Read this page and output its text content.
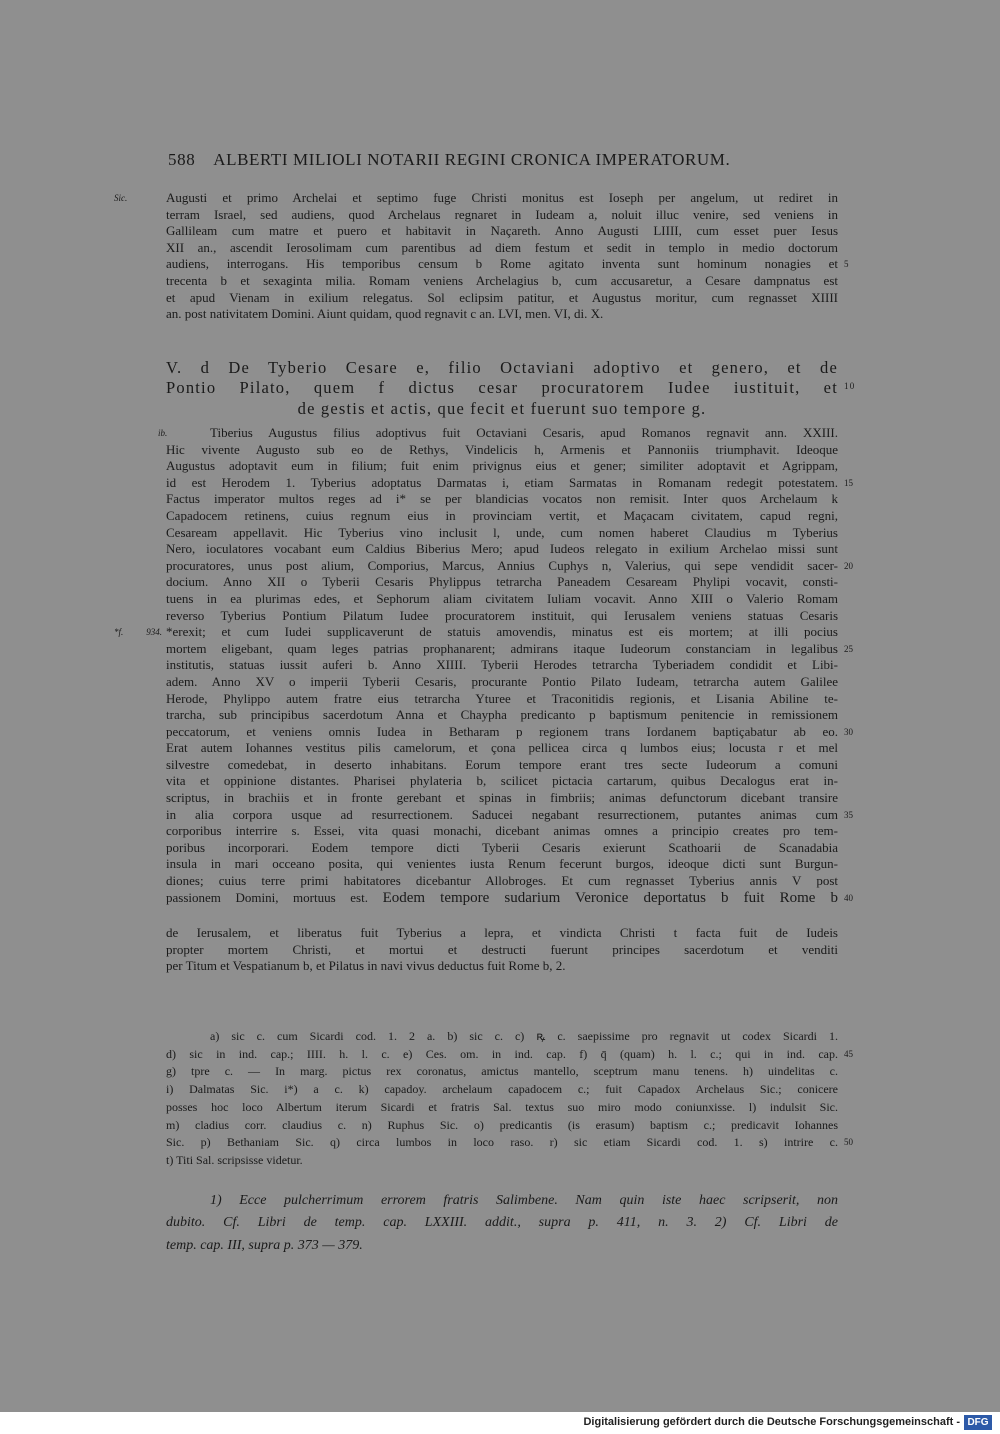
588 ALBERTI MILIOLI NOTARII REGINI CRONICA IMPERATORUM.
Augusti et primo Archelai et septimo fuge Christi monitus est Ioseph per angelum, ut rediret in
Sic.
terram Israel, sed audiens, quod Archelaus regnaret in Iudeam a, noluit illuc venire, sed veniens in
Gallileam cum matre et puero et habitavit in Naçareth. Anno Augusti LIIII, cum esset puer Iesus
XII an., ascendit Ierosolimam cum parentibus ad diem festum et sedit in templo in medio doctorum
audiens, interrogans. His temporibus censum b Rome agitato inventa sunt hominum nonagies et 5
trecenta b et sexaginta milia. Romam veniens Archelagius b, cum accusaretur, a Cesare dampnatus est
et apud Vienam in exilium relegatus. Sol eclipsim patitur, et Augustus moritur, cum regnasset XIIII
an. post nativitatem Domini. Aiunt quidam, quod regnavit c an. LVI, men. VI, di. X.
V. d De Tyberio Cesare e, filio Octaviani adoptivo et genero, et de
Pontio Pilato, quem f dictus cesar procuratorem Iudee iustituit, et 10
de gestis et actis, que fecit et fuerunt suo tempore g.
Tiberius Augustus filius adoptivus fuit Octaviani Cesaris, apud Romanos regnavit ann. XXIII.
ib.
Hic vivente Augusto sub eo de Rethys, Vindelicis h, Armenis et Pannoniis triumphavit. Ideoque
Augustus adoptavit eum in filium; fuit enim privignus eius et gener; similiter adoptavit et Agrippam,
id est Herodem 1. Tyberius adoptatus Darmatas i, etiam Sarmatas in Romanam redegit potestatem. 15
Factus imperator multos reges ad i* se per blandicias vocatos non remisit. Inter quos Archelaum k
Capadocem retinens, cuius regnum eius in provinciam vertit, et Maçacam civitatem, capud regni,
Cesaream appellavit. Hic Tyberius vino inclusit l, unde, cum nomen haberet Claudius m Tyberius
Nero, ioculatores vocabant eum Caldius Biberius Mero; apud Iudeos relegato in exilium Archelao missi sunt
procuratores, unus post alium, Comporius, Marcus, Annius Cuphys n, Valerius, qui sepe vendidit sacer- 20
docium. Anno XII o Tyberii Cesaris Phylippus tetrarcha Paneadem Cesaream Phylipi vocavit, consti-
tuens in ea plurimas edes, et Sephorum aliam civitatem Iuliam vocavit. Anno XIII o Valerio Romam
reverso Tyberius Pontium Pilatum Iudee procuratorem instituit, qui Ierusalem veniens statuas Cesaris
*erexit; et cum Iudei supplicaverunt de statuis amovendis, minatus est eis mortem; at illi pocius
*f. 934.
mortem eligebant, quam leges patrias prophanarent; admirans itaque Iudeorum constanciam in legalibus 25
institutis, statuas iussit auferi b. Anno XIIII. Tyberii Herodes tetrarcha Tyberiadem condidit et Libi-
adem. Anno XV o imperii Tyberii Cesaris, procurante Pontio Pilato Iudeam, tetrarcha autem Galilee
Herode, Phylippo autem fratre eius tetrarcha Yturee et Traconitidis regionis, et Lisania Abiline te-
trarcha, sub principibus sacerdotum Anna et Chaypha predicanto p baptismum penitencie in remissionem
peccatorum, et veniens omnis Iudea in Betharam p regionem trans Iordanem baptiçabatur ab eo. 30
Erat autem Iohannes vestitus pilis camelorum, et çona pellicea circa q lumbos eius; locusta r et mel
silvestre comedebat, in deserto inhabitans. Eorum tempore erant tres secte Iudeorum a comuni
vita et oppinione distantes. Pharisei phylateria b, scilicet pictacia cartarum, quibus Decalogus erat in-
scriptus, in brachiis et in fronte gerebant et spinas in fimbriis; animas defunctorum dicebant transire
in alia corpora usque ad resurrectionem. Saducei negabant resurrectionem, putantes animas cum 35
corporibus interrire s. Essei, vita quasi monachi, dicebant animas omnes a principio creates pro tem-
poribus incorporari. Eodem tempore dicti Tyberii Cesaris exierunt Scathoarii de Scanadabia
insula in mari occeano posita, qui venientes iusta Renum fecerunt burgos, ideoque dicti sunt Burgun-
diones; cuius terre primi habitatores dicebantur Allobroges. Et cum regnasset Tyberius annis V post
passionem Domini, mortuus est. Eodem tempore sudarium Veronice deportatus b fuit Rome b 40
de Ierusalem, et liberatus fuit Tyberius a lepra, et vindicta Christi t facta fuit de Iudeis
propter mortem Christi, et mortui et destructi fuerunt principes sacerdotum et venditi
per Titum et Vespatianum b, et Pilatus in navi vivus deductus fuit Rome b, 2.
a) sic c. cum Sicardi cod. 1. 2 a. b) sic c. c) ꝶ c. saepissime pro regnavit ut codex Sicardi 1.
d) sic in ind. cap.; IIII. h. l. c. e) Ces. om. in ind. cap. f) q̄ (quam) h. l. c.; qui in ind. cap. 45
g) tpre c. — In marg. pictus rex coronatus, amictus mantello, sceptrum manu tenens. h) uindelitas c.
i) Dalmatas Sic. i*) a c. k) capadoy. archelaum capadocem c.; fuit Capadox Archelaus Sic.; conicere
posses hoc loco Albertum iterum Sicardi et fratris Sal. textus suo miro modo coniunxisse. l) indulsit Sic.
m) cladius corr. claudius c. n) Ruphus Sic. o) predicantis (is erasum) baptism c.; predicavit Iohannes
Sic. p) Bethaniam Sic. q) circa lumbos in loco raso. r) sic etiam Sicardi cod. 1. s) intrire c. 50
t) Titi Sal. scripsisse videtur.
1) Ecce pulcherrimum errorem fratris Salimbene. Nam quin iste haec scripserit, non
dubito. Cf. Libri de temp. cap. LXXIII. addit., supra p. 411, n. 3. 2) Cf. Libri de
temp. cap. III, supra p. 373 — 379.
Digitalisierung gefördert durch die Deutsche Forschungsgemeinschaft - DFG
